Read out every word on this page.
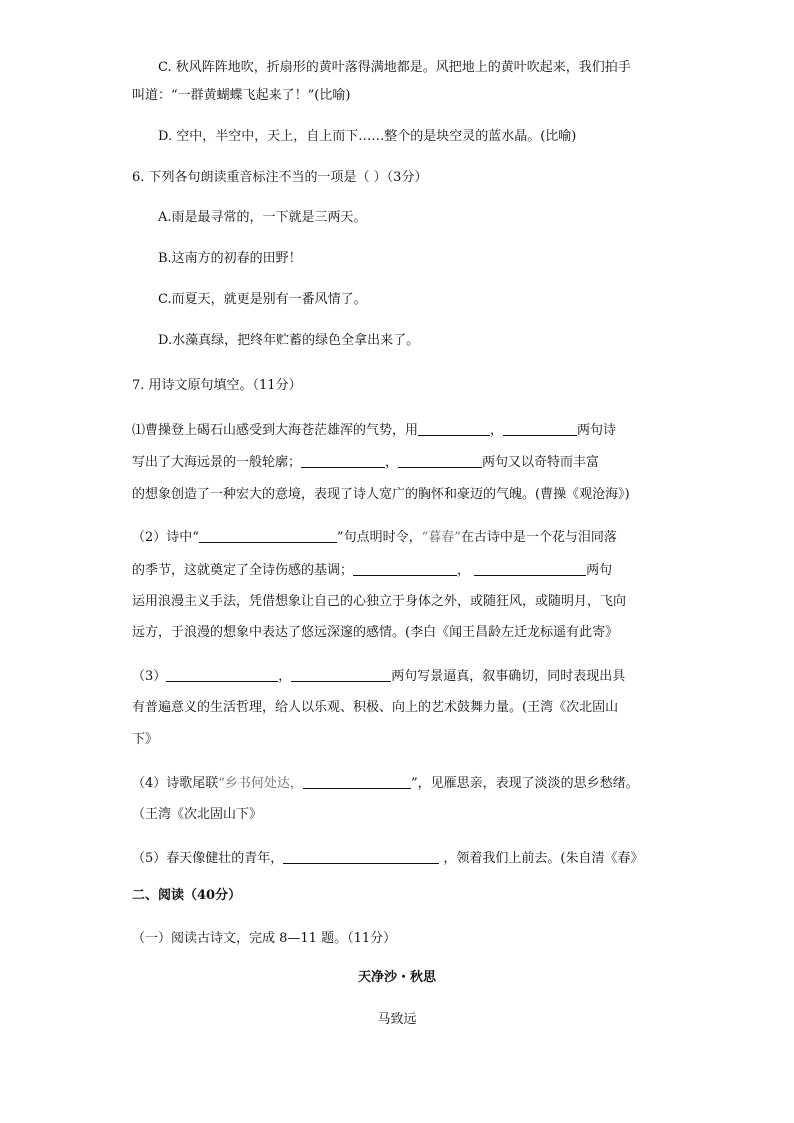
C. 秋风阵阵地吹，折扇形的黄叶落得满地都是。风把地上的黄叶吹起来，我们拍手
叫道：“一群黄蝴蝶飞起来了！”(比喻)
D. 空中，半空中，天上，自上而下……整个的是块空灵的蓝水晶。(比喻)
6. 下列各句朗读重音标注不当的一项是（ ）（3分）
A.雨是最寻常的，一下就是三两天。
B.这南方的初春的田野！
C.而夏天，就更是别有一番风情了。
D.水藻真绿，把终年贮蓄的绿色全拿出来了。
7. 用诗文原句填空。（11分）
⑴曹操登上碣石山感受到大海苍茫雄浑的气势，用	，	两句诗
写出了大海远景的一般轮廓；	，	两句又以奇特而丰富
的想象创造了一种宏大的意境，表现了诗人宽广的胸怀和豪迈的气魄。(曹操《观沧海》)
（2）诗中“	”句点明时令，“暮春”在古诗中是一个花与泪同落
的季节，这就奠定了全诗伤感的基调；	，	两句
运用浪漫主义手法，凭借想象让自己的心独立于身体之外，或随狂风，或随明月，飞向
远方，于浪漫的想象中表达了悠远深邃的感情。(李白《闻王昌龄左迁龙标遥有此寄》
（3）	，	两句写景逼真，叙事确切，同时表现出具
有普遍意义的生活哲理，给人以乐观、积极、向上的艺术鼓舞力量。(王湾《次北固山
下》
（4）诗歌尾联“乡书何处达，	”，见雁思亲，表现了淡淡的思乡愁绪。
（王湾《次北固山下》
（5）春天像健壮的青年，	，领着我们上前去。(朱自清《春》
二、阅读（40分）
（一）阅读古诗文，完成 8—11 题。（11分）
天净沙・秋思
马致远
